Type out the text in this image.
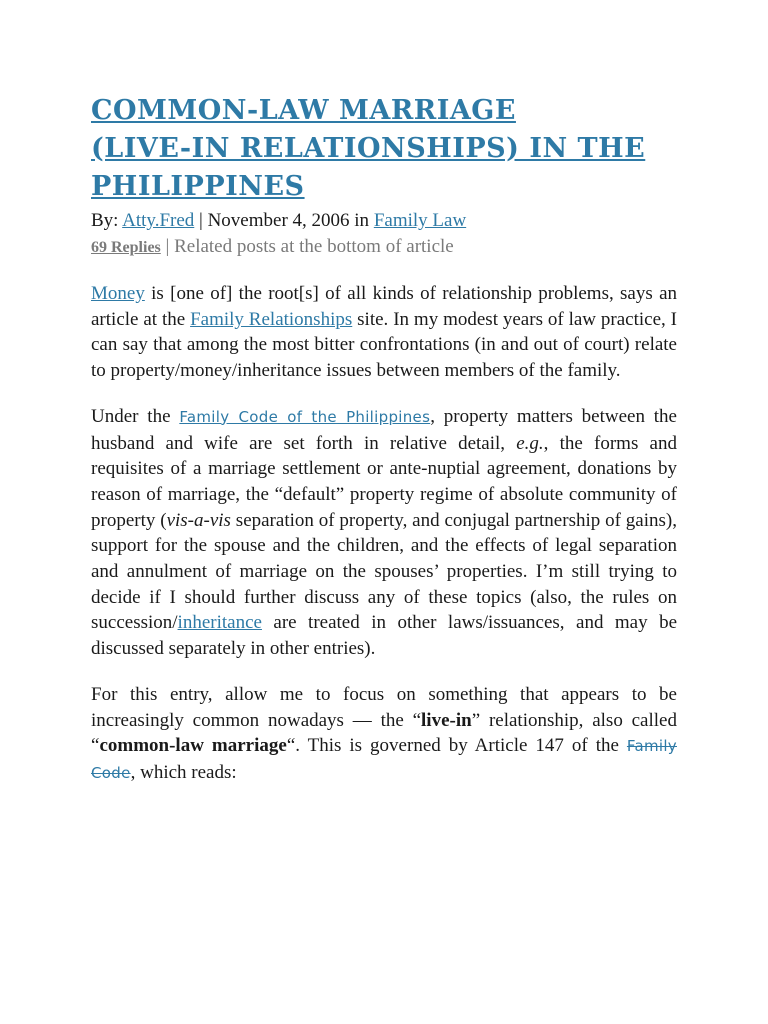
COMMON-LAW MARRIAGE
(LIVE-IN RELATIONSHIPS) IN THE
PHILIPPINES
By: Atty.Fred | November 4, 2006 in Family Law
69 Replies | Related posts at the bottom of article

Money is [one of] the root[s] of all kinds of relationship problems, says an article at the Family Relationships site. In my modest years of law practice, I can say that among the most bitter confrontations (in and out of court) relate to property/money/inheritance issues between members of the family.

Under the Family Code of the Philippines, property matters between the husband and wife are set forth in relative detail, e.g., the forms and requisites of a marriage settlement or ante-nuptial agreement, donations by reason of marriage, the “default” property regime of absolute community of property (vis-a-vis separation of property, and conjugal partnership of gains), support for the spouse and the children, and the effects of legal separation and annulment of marriage on the spouses’ properties. I’m still trying to decide if I should further discuss any of these topics (also, the rules on succession/inheritance are treated in other laws/issuances, and may be discussed separately in other entries).

For this entry, allow me to focus on something that appears to be increasingly common nowadays — the “live-in” relationship, also called “common-law marriage“. This is governed by Article 147 of the Family Code, which reads:
